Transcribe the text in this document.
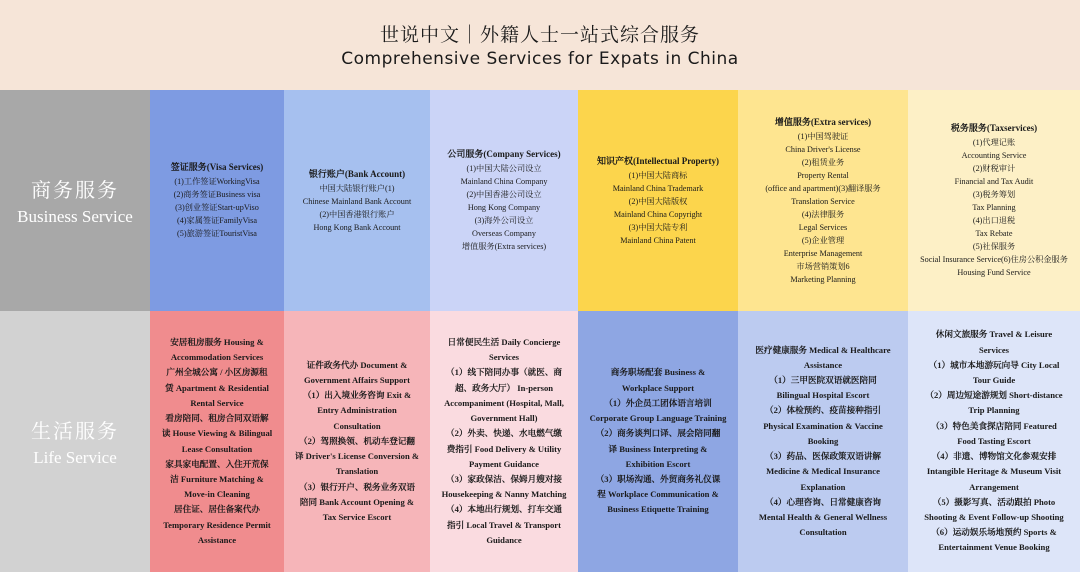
世说中文｜外籍人士一站式综合服务
Comprehensive Services for Expats in China
商务服务
Business Service
签证服务(Visa Services)
(1)工作签证WorkingVisa
(2)商务签证Business visa
(3)创业签证Start-upViso
(4)家属签证FamilyVisa
(5)旅游签证TouristVisa
银行账户(Bank Account)
中国大陆银行账户(1)
Chinese Mainland Bank Account
(2)中国香港银行账户
Hong Kong Bank Account
公司服务(Company Services)
(1)中国大陆公司设立
Mainland China Company
(2)中国香港公司设立
Hong Kong Company
(3)海外公司设立
Overseas Company
增值服务(Extra services)
知识产权(Intellectual Property)
(1)中国大陆商标
Mainland China Trademark
(2)中国大陆版权
Mainland China Copyright
(3)中国大陆专利
Mainland China Patent
增值服务(Extra services)
(1)中国驾驶证
China Driver's License
(2)租赁业务
Property Rental
(office and apartment)(3)翻译服务
Translation Service
(4)法律服务
Legal Services
(5)企业管理
Enterprise Management
市场营销策划6
Marketing Planning
税务服务(Taxservices)
(1)代理记账
Accounting Service
(2)财税审计
Financial and Tax Audit
(3)税务筹划
Tax Planning
(4)出口退税
Tax Rebate
(5)社保服务
Social Insurance Service(6)住房公积金服务
Housing Fund Service
生活服务
Life Service
安居租房服务 Housing &
Accommodation Services
广州全城公寓 / 小区房源租
赁 Apartment & Residential
Rental Service
看房陪同、租房合同双语解
读 House Viewing & Bilingual
Lease Consultation
家具家电配置、入住开荒保
洁 Furniture Matching &
Move-in Cleaning
居住证、居住备案代办
Temporary Residence Permit
Assistance
证件政务代办 Document &
Government Affairs Support
（1）出入境业务咨询 Exit &
Entry Administration
Consultation
（2）驾照换领、机动车登记翻
译 Driver's License Conversion &
Translation
（3）银行开户、税务业务双语
陪同 Bank Account Opening &
Tax Service Escort
日常便民生活 Daily Concierge
Services
（1）线下陪同办事（就医、商
超、政务大厅） In-person
Accompaniment (Hospital, Mall,
Government Hall)
（2）外卖、快递、水电燃气缴
费指引 Food Delivery & Utility
Payment Guidance
（3）家政保洁、保姆月嫂对接
Housekeeping & Nanny Matching
（4）本地出行规划、打车交通
指引 Local Travel & Transport
Guidance
商务职场配套 Business &
Workplace Support
（1）外企员工团体语言培训
Corporate Group Language Training
（2）商务谈判口译、展会陪同翻
译 Business Interpreting &
Exhibition Escort
（3）职场沟通、外贸商务礼仪课
程 Workplace Communication &
Business Etiquette Training
医疗健康服务 Medical & Healthcare
Assistance
（1）三甲医院双语就医陪同
Bilingual Hospital Escort
（2）体检预约、疫苗接种指引
Physical Examination & Vaccine
Booking
（3）药品、医保政策双语讲解
Medicine & Medical Insurance
Explanation
（4）心理咨询、日常健康咨询
Mental Health & General Wellness
Consultation
休闲文旅服务 Travel & Leisure
Services
（1）城市本地游玩向导 City Local
Tour Guide
（2）周边短途游规划 Short-distance
Trip Planning
（3）特色美食探店陪同 Featured
Food Tasting Escort
（4）非遗、博物馆文化参观安排
Intangible Heritage & Museum Visit
Arrangement
（5）摄影写真、活动跟拍 Photo
Shooting & Event Follow-up Shooting
（6）运动娱乐场地预约 Sports &
Entertainment Venue Booking
